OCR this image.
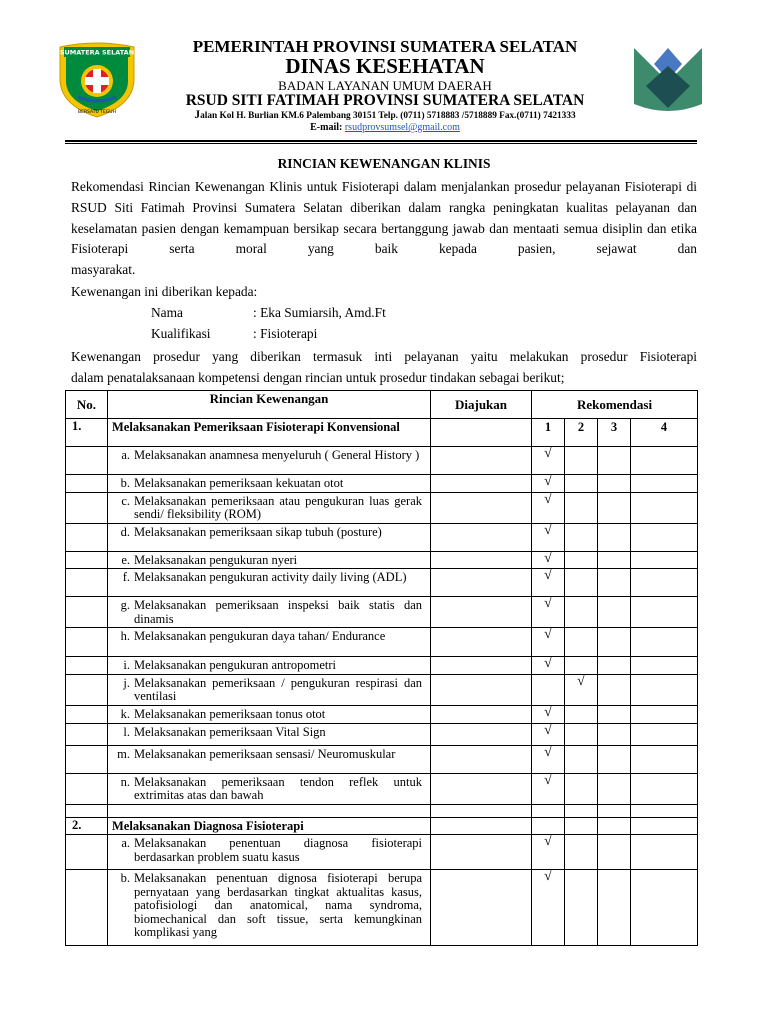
SUMATERA SELATAN
BERSATU TEGUH
PEMERINTAH PROVINSI SUMATERA SELATAN
DINAS KESEHATAN
BADAN LAYANAN UMUM DAERAH
RSUD SITI FATIMAH PROVINSI SUMATERA SELATAN
Jalan Kol H. Burlian KM.6 Palembang 30151 Telp. (0711) 5718883 /5718889 Fax.(0711) 7421333
E-mail: rsudprovsumsel@gmail.com
RINCIAN KEWENANGAN KLINIS
Rekomendasi Rincian Kewenangan Klinis untuk Fisioterapi dalam menjalankan prosedur pelayanan Fisioterapi di RSUD Siti Fatimah Provinsi Sumatera Selatan diberikan dalam rangka peningkatan kualitas pelayanan dan keselamatan pasien dengan kemampuan bersikap secara bertanggung jawab dan mentaati semua disiplin dan etika Fisioterapi serta moral yang baik kepada pasien, sejawat dan
masyarakat.
Kewenangan ini diberikan kepada:
Nama	: Eka Sumiarsih, Amd.Ft
Kualifikasi	: Fisioterapi
Kewenangan prosedur yang diberikan termasuk inti pelayanan yaitu melakukan prosedur Fisioterapi
dalam penatalaksanaan kompetensi dengan rincian untuk prosedur tindakan sebagai berikut;
No.	Rincian Kewenangan	Diajukan	Rekomendasi			
1.	Melaksanakan Pemeriksaan Fisioterapi Konvensional		1	2	3	4

	a. Melaksanakan anamnesa menyeluruh ( General History )		√			

	b. Melaksanakan pemeriksaan kekuatan otot		√			

	c. Melaksanakan pemeriksaan atau pengukuran luas gerak sendi/ fleksibility (ROM)		√			

	d. Melaksanakan pemeriksaan sikap tubuh (posture)		√			

	e. Melaksanakan pengukuran nyeri		√			

	f. Melaksanakan pengukuran activity daily living (ADL)		√			

	g. Melaksanakan pemeriksaan inspeksi baik statis dan dinamis		√			

	h. Melaksanakan pengukuran daya tahan/ Endurance		√			

	i. Melaksanakan pengukuran antropometri		√			

	j. Melaksanakan pemeriksaan / pengukuran respirasi dan ventilasi			√		

	k. Melaksanakan pemeriksaan tonus otot		√			

	l. Melaksanakan pemeriksaan Vital Sign		√			

	m. Melaksanakan pemeriksaan sensasi/ Neuromuskular		√			

	n. Melaksanakan pemeriksaan tendon reflek untuk extrimitas atas dan bawah		√			

2.	Melaksanakan Diagnosa Fisioterapi					

	a. Melaksanakan penentuan diagnosa fisioterapi berdasarkan problem suatu kasus		√			

	b. Melaksanakan penentuan dignosa fisioterapi berupa pernyataan yang berdasarkan tingkat aktualitas kasus, patofisiologi dan anatomical, nama syndroma, biomechanical dan soft tissue, serta kemungkinan komplikasi yang		√			
